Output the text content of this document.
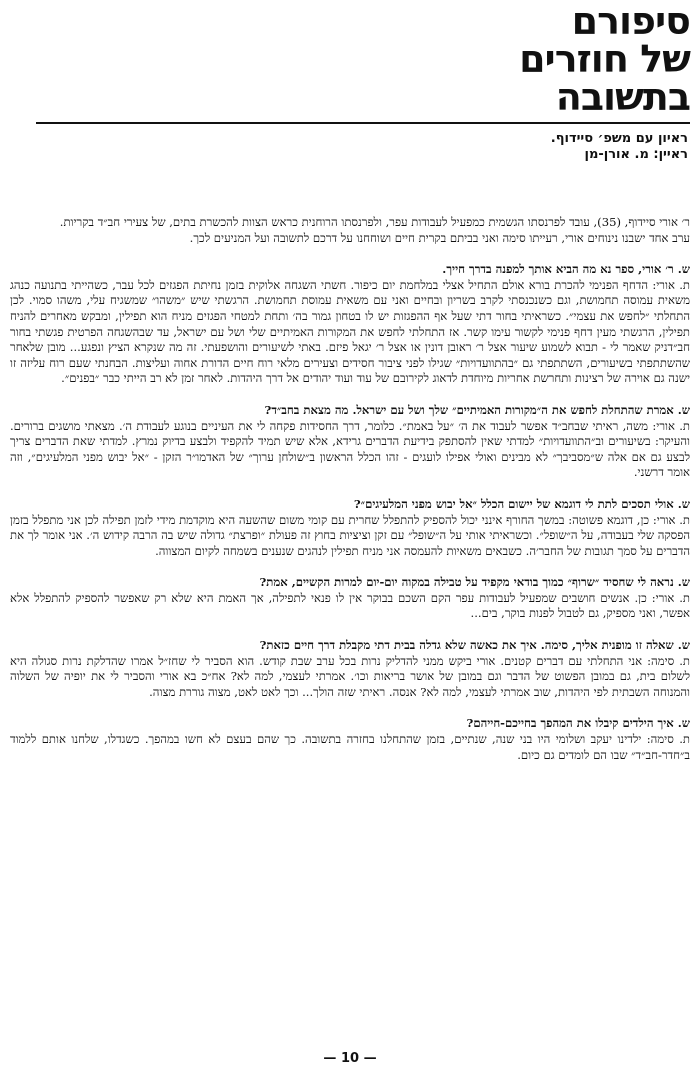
סיפורם
של חוזרים
בתשובה
ראיון עם משפ׳ סיידוף.
ראיין: מ. אורן-מן

ר׳ אורי סיידוף, (35), עובד לפרנסתו הגשמית כמפעיל לעבודות עפר, ולפרנסתו הרוחנית כראש הצוות להכשרת בתים, של צעירי חב״ד בקריות.

ערב אחד ישבנו נינוחים אורי, רעייתו סימה ואני בביתם בקרית חיים ושוחחנו על דרכם לתשובה ועל המניעים לכך.

ש. ר׳ אורי, ספר נא מה הביא אותך למפנה בדרך חייך.

ת. אורי: הדחף הפנימי להכרת בורא אולם התחיל אצלי במלחמת יום כיפור. חשתי השגחה אלוקית בזמן נחיתת הפגזים לכל עבר, כשהייתי בתנועה כנהג משאית עמוסה תחמושת, וגם כשנכנסתי לקרב בשריון ובחיים ואני עם משאית עמוסת תחמושת. הרגשתי שיש ״משהו״ שמשגיח עלי, משהו סמוי. לכן התחלתי ״לחפש את עצמי״. כשראיתי בחור דתי שעל אף ההפגזות יש לו בטחון גמור בה׳ ותחת למטחי הפגזים מניח הוא תפילין, ומבקש מאחרים להניח תפילין, הרגשתי מעין דחף פנימי לקשור עימו קשר. אז התחלתי לחפש את המקורות האמיתיים שלי ושל עם ישראל, עד שבהשגחה הפרטית פגשתי בחור חב״דניק שאמר לי - תבוא לשמוע שיעור אצל ר׳ ראובן דונין או אצל ר׳ יגאל פיזם. באתי לשיעורים והושפעתי. זה מה שנקרא הציץ ונפגע... מובן שלאחר שהשתתפתי בשיעורים, השתתפתי גם ״בהתוועדויות״ שגילו לפני ציבור חסידים וצעירים מלאי רוח חיים הדורת אחוה ועליצות. הבחנתי שעם רוח עליזה זו ישנה גם אוירה של רצינות ותחרשת אחריות מיוחדת לדאוג לקירובם של עוד ועוד יהודים אל דרך היהדות. לאחר זמן לא רב הייתי כבר ״בפנים״.

ש. אמרת שהתחלת לחפש את ה״מקורות האמיתיים״ שלך ושל עם ישראל. מה מצאת בחב״ד?

ת. אורי: משה, ראיתי שבחב״ד אפשר לעבוד את ה׳ ״על באמת״. כלומר, דרך החסידות פקחה לי את העיניים בנוגע לעבודת ה׳. מצאתי מושגים ברורים. והעיקר: בשיעורים וב״התוועדויות״ למדתי שאין להסתפק בידיעת הדברים גרידא, אלא שיש תמיד להקפיד ולבצע בדיוק נמרץ. למדתי שאת הדברים צריך לבצע גם אם אלה ש״מסביבך״ לא מבינים ואולי אפילו לועגים - זהו הכלל הראשון ב״שולחן ערוך״ של האדמו״ר הזקן - ״אל יבוש מפני המלעיגים״, וזה אומר דרשני.

ש. אולי תסכים לתת לי דוגמא של יישום הכלל ״אל יבוש מפני המלעיגים״?

ת. אורי: כן, דוגמא פשוטה: במשך החורף אינני יכול להספיק להתפלל שחרית עם קומי משום שהשעה היא מוקדמת מידי לזמן תפילה לכן אני מתפלל בזמן הפסקה שלי בעבודה, על ה״שופל״. וכשראיתי אותי על ה״שופל״ עם זקן וציציות בחוץ זה פעולת ״ופרצת״ גדולה שיש בה הרבה קידוש ה׳. אני אומר לך את הדברים על סמך תגובות של החבר׳ה. כשבאים משאיות להעמסה אני מניח תפילין לנהגים שנענים בשמחה לקיום המצווה.

ש. נראה לי שחסיד ״שרוף״ כמוך בודאי מקפיד על טבילה במקוה יום-יום למרות הקשיים, אמת?

ת. אורי: כן. אנשים חושבים שמפעיל לעבודות עפר הקם השכם בבוקר אין לו פנאי לתפילה, אך האמת היא שלא רק שאפשר להספיק להתפלל אלא אפשר, ואני מספיק, גם לטבול לפנות בוקר, בים...

ש. שאלה זו מופנית אליך, סימה. איך את כאשה שלא גדלה בבית דתי מקבלת דרך חיים כזאת?

ת. סימה: אני התחלתי עם דברים קטנים. אורי ביקש ממני להדליק נרות בכל ערב שבת קודש. הוא הסביר לי שחז״ל אמרו שהדלקת נרות סגולה היא לשלום בית, גם במובן הפשוט של הדבר וגם במובן של אושר בריאות וכו׳. אמרתי לעצמי, למה לא? אח״כ בא אורי והסביר לי את יופיה של השלוה והמנוחה השבתית לפי היהדות, שוב אמרתי לעצמי, למה לא? אנסה. ראיתי שזה הולך... וכך לאט לאט, מצוה גוררת מצוה.

ש. איך הילדים קיבלו את המהפך בחייכם-חייהם?

ת. סימה: ילדינו יעקב ושלומי היו בני שנה, שנתיים, בזמן שהתחלנו בחזרה בתשובה. כך שהם בעצם לא חשו במהפך. כשגדלו, שלחנו אותם ללמוד ב״חדר-חב״ד״ שבו הם לומדים גם כיום.

— 10 —
